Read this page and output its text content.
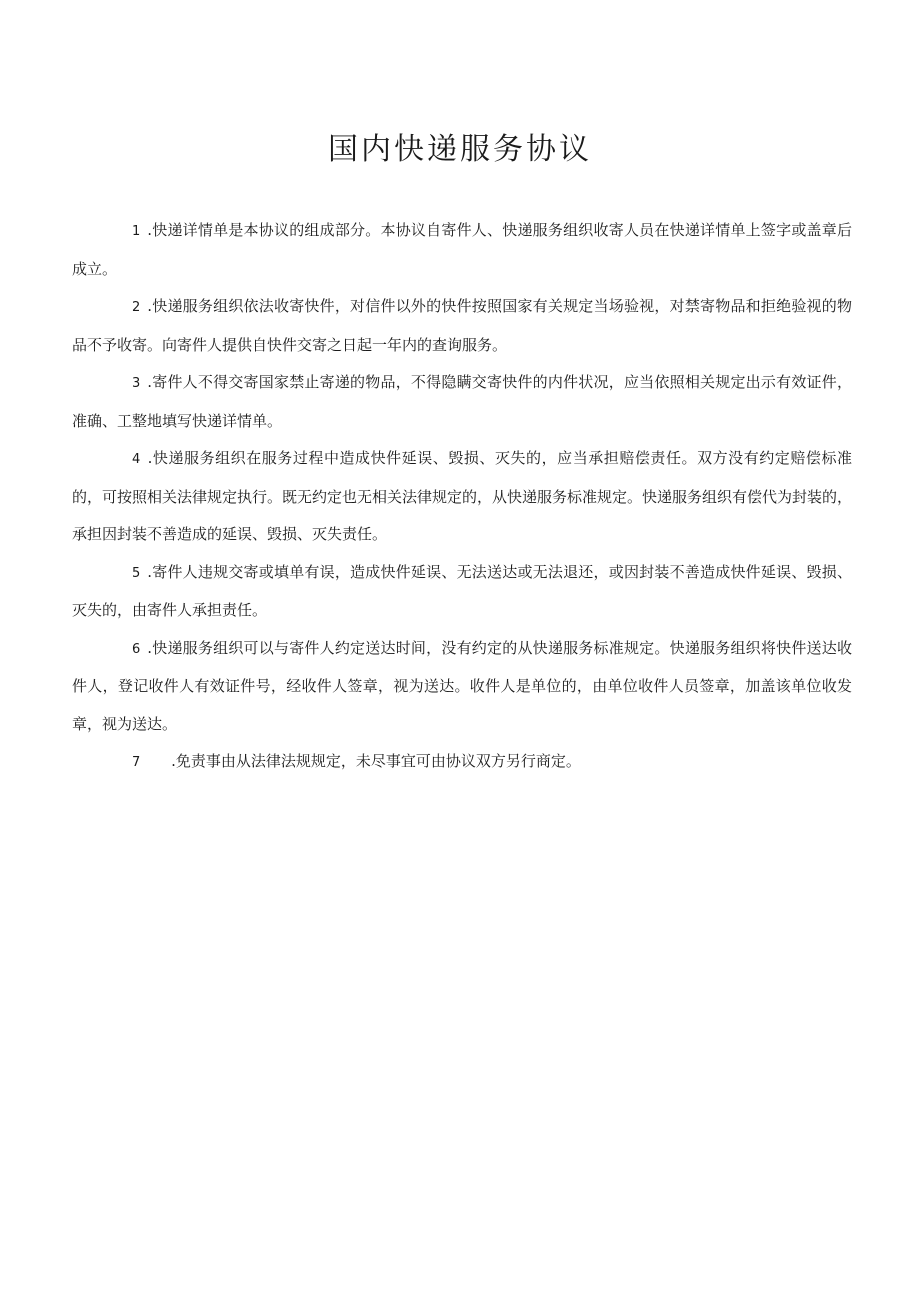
国内快递服务协议

1 .快递详情单是本协议的组成部分。本协议自寄件人、快递服务组织收寄人员在快递详情单上签字或盖章后成立。

2 .快递服务组织依法收寄快件，对信件以外的快件按照国家有关规定当场验视，对禁寄物品和拒绝验视的物品不予收寄。向寄件人提供自快件交寄之日起一年内的查询服务。

3 .寄件人不得交寄国家禁止寄递的物品，不得隐瞒交寄快件的内件状况，应当依照相关规定出示有效证件，准确、工整地填写快递详情单。

4 .快递服务组织在服务过程中造成快件延误、毁损、灭失的，应当承担赔偿责任。双方没有约定赔偿标准的，可按照相关法律规定执行。既无约定也无相关法律规定的，从快递服务标准规定。快递服务组织有偿代为封装的，承担因封装不善造成的延误、毁损、灭失责任。

5 .寄件人违规交寄或填单有误，造成快件延误、无法送达或无法退还，或因封装不善造成快件延误、毁损、灭失的，由寄件人承担责任。

6 .快递服务组织可以与寄件人约定送达时间，没有约定的从快递服务标准规定。快递服务组织将快件送达收件人，登记收件人有效证件号，经收件人签章，视为送达。收件人是单位的，由单位收件人员签章，加盖该单位收发章，视为送达。

7 .免责事由从法律法规规定，未尽事宜可由协议双方另行商定。
